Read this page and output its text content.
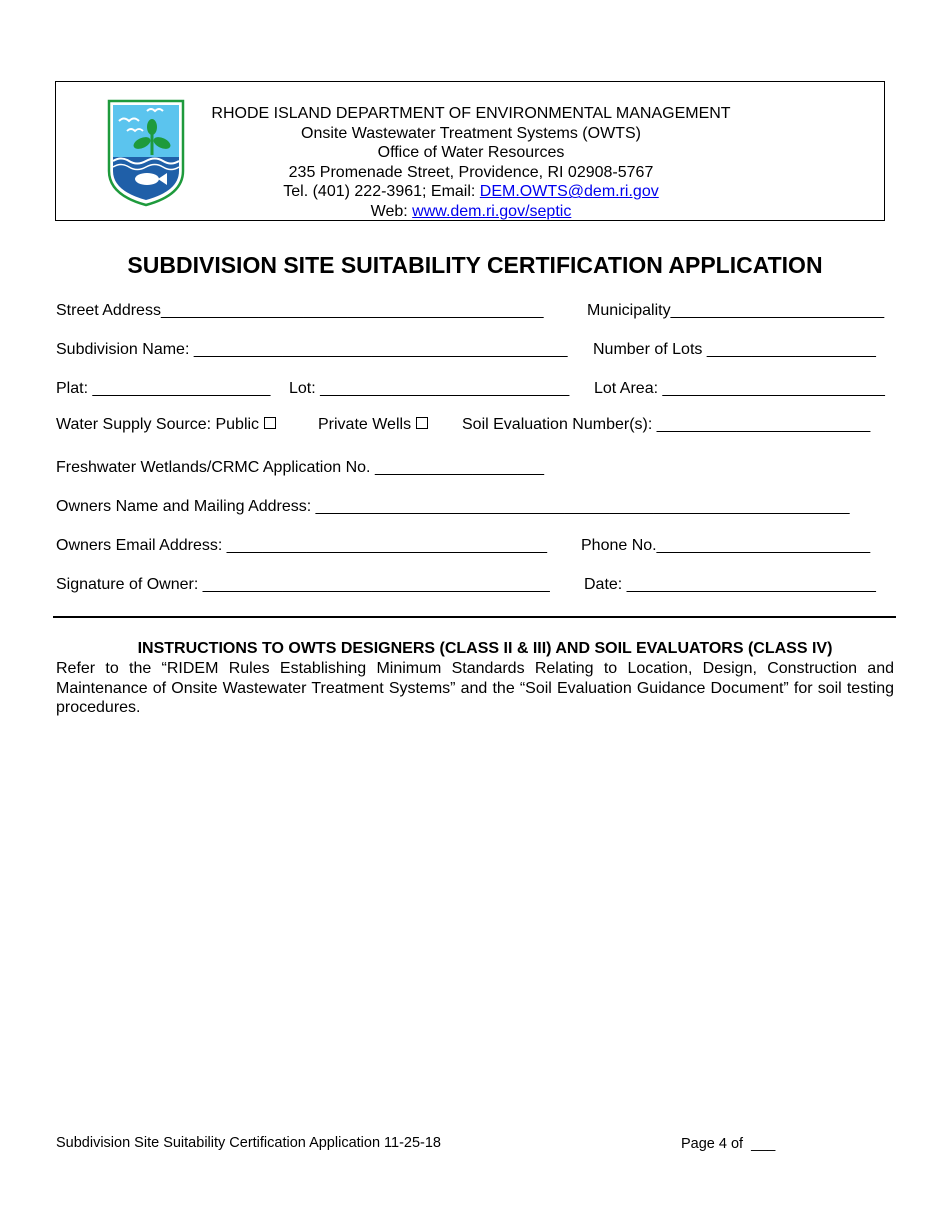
RHODE ISLAND DEPARTMENT OF ENVIRONMENTAL MANAGEMENT
Onsite Wastewater Treatment Systems (OWTS)
Office of Water Resources
235 Promenade Street, Providence, RI 02908-5767
Tel. (401) 222-3961; Email: DEM.OWTS@dem.ri.gov
Web: www.dem.ri.gov/septic
SUBDIVISION SITE SUITABILITY CERTIFICATION APPLICATION
Street Address___________________________________________	Municipality________________________
Subdivision Name: __________________________________________ Number of Lots ___________________
Plat: ____________________ Lot: ____________________________ Lot Area: _________________________
Water Supply Source: Public	Private Wells	Soil Evaluation Number(s): ________________________
Freshwater Wetlands/CRMC Application No. ___________________
Owners Name and Mailing Address: ____________________________________________________________
Owners Email Address: ____________________________________ Phone No.________________________
Signature of Owner: _______________________________________ Date: ____________________________
INSTRUCTIONS TO OWTS DESIGNERS (CLASS II & III) AND SOIL EVALUATORS (CLASS IV)
Refer to the “RIDEM Rules Establishing Minimum Standards Relating to Location, Design, Construction and Maintenance of Onsite Wastewater Treatment Systems” and the “Soil Evaluation Guidance Document” for soil testing procedures.
Subdivision Site Suitability Certification Application 11-25-18	Page 4 of  ___
